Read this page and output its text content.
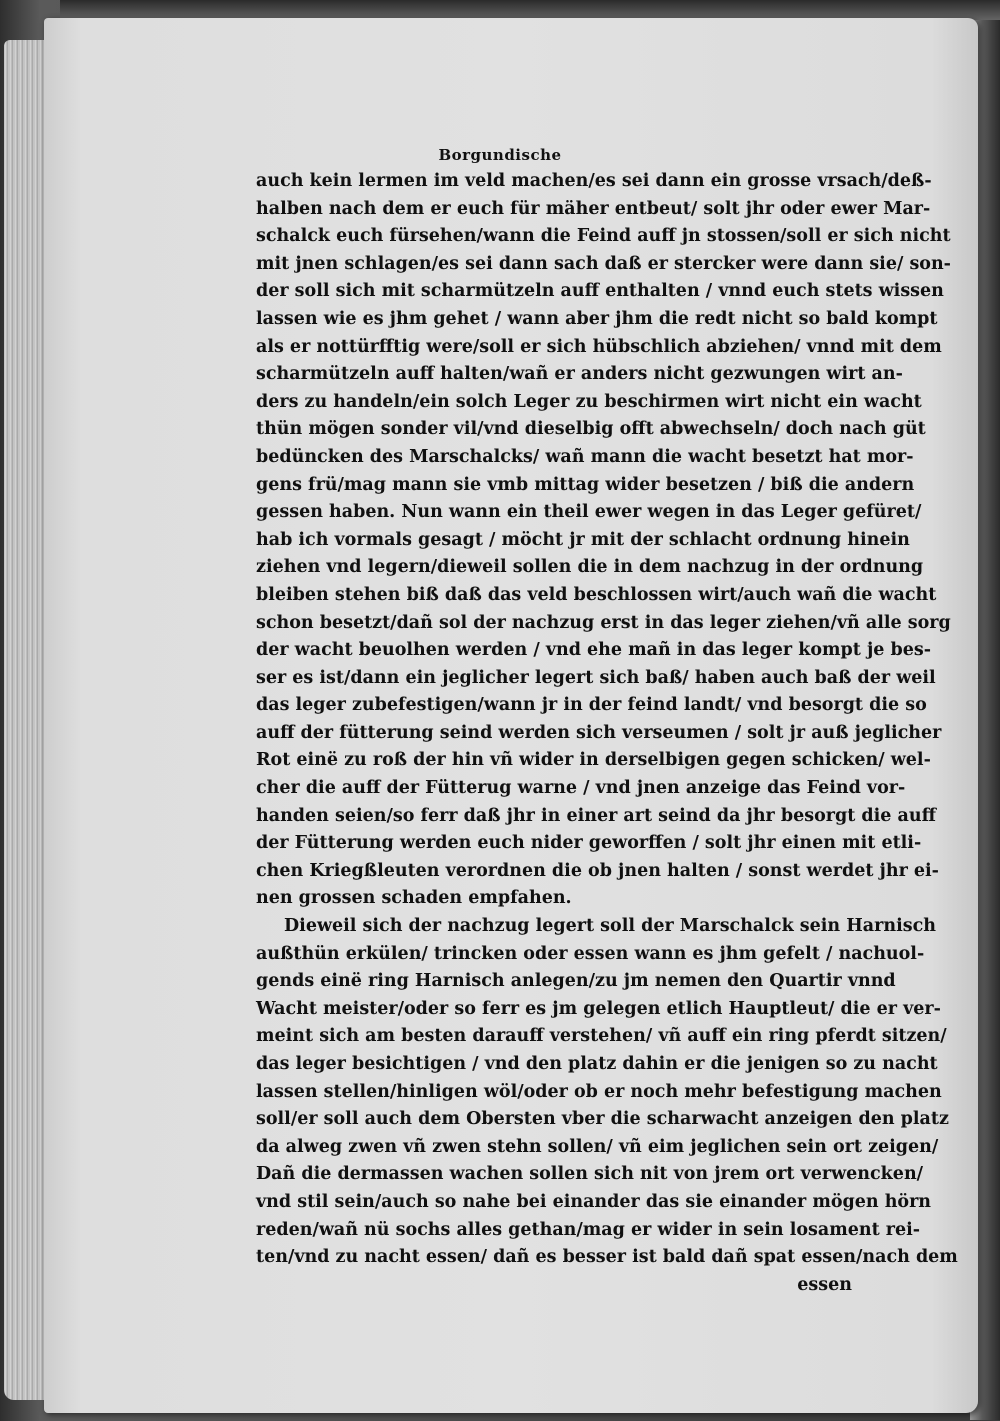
Borgundische
auch kein lermen im veld machen/es sei dann ein grosse vrsach/deß-
halben nach dem er euch für mäher entbeut/ solt jhr oder ewer Mar-
schalck euch fürsehen/wann die Feind auff jn stossen/soll er sich nicht
mit jnen schlagen/es sei dann sach daß er stercker were dann sie/ son-
der soll sich mit scharmützeln auff enthalten / vnnd euch stets wissen
lassen wie es jhm gehet / wann aber jhm die redt nicht so bald kompt
als er nottürfftig were/soll er sich hübschlich abziehen/ vnnd mit dem
scharmützeln auff halten/wañ er anders nicht gezwungen wirt an-
ders zu handeln/ein solch Leger zu beschirmen wirt nicht ein wacht
thün mögen sonder vil/vnd dieselbig offt abwechseln/ doch nach güt
bedüncken des Marschalcks/ wañ mann die wacht besetzt hat mor-
gens frü/mag mann sie vmb mittag wider besetzen / biß die andern
gessen haben. Nun wann ein theil ewer wegen in das Leger gefüret/
hab ich vormals gesagt / möcht jr mit der schlacht ordnung hinein
ziehen vnd legern/dieweil sollen die in dem nachzug in der ordnung
bleiben stehen biß daß das veld beschlossen wirt/auch wañ die wacht
schon besetzt/dañ sol der nachzug erst in das leger ziehen/vñ alle sorg
der wacht beuolhen werden / vnd ehe mañ in das leger kompt je bes-
ser es ist/dann ein jeglicher legert sich baß/ haben auch baß der weil
das leger zubefestigen/wann jr in der feind landt/ vnd besorgt die so
auff der fütterung seind werden sich verseumen / solt jr auß jeglicher
Rot einë zu roß der hin vñ wider in derselbigen gegen schicken/ wel-
cher die auff der Fütterug warne / vnd jnen anzeige das Feind vor-
handen seien/so ferr daß jhr in einer art seind da jhr besorgt die auff
der Fütterung werden euch nider geworffen / solt jhr einen mit etli-
chen Kriegßleuten verordnen die ob jnen halten / sonst werdet jhr ei-
nen grossen schaden empfahen.
Dieweil sich der nachzug legert soll der Marschalck sein Harnisch
außthün erkülen/ trincken oder essen wann es jhm gefelt / nachuol-
gends einë ring Harnisch anlegen/zu jm nemen den Quartir vnnd
Wacht meister/oder so ferr es jm gelegen etlich Hauptleut/ die er ver-
meint sich am besten darauff verstehen/ vñ auff ein ring pferdt sitzen/
das leger besichtigen / vnd den platz dahin er die jenigen so zu nacht
lassen stellen/hinligen wöl/oder ob er noch mehr befestigung machen
soll/er soll auch dem Obersten vber die scharwacht anzeigen den platz
da alweg zwen vñ zwen stehn sollen/ vñ eim jeglichen sein ort zeigen/
Dañ die dermassen wachen sollen sich nit von jrem ort verwencken/
vnd stil sein/auch so nahe bei einander das sie einander mögen hörn
reden/wañ nü sochs alles gethan/mag er wider in sein losament rei-
ten/vnd zu nacht essen/ dañ es besser ist bald dañ spat essen/nach dem
essen
